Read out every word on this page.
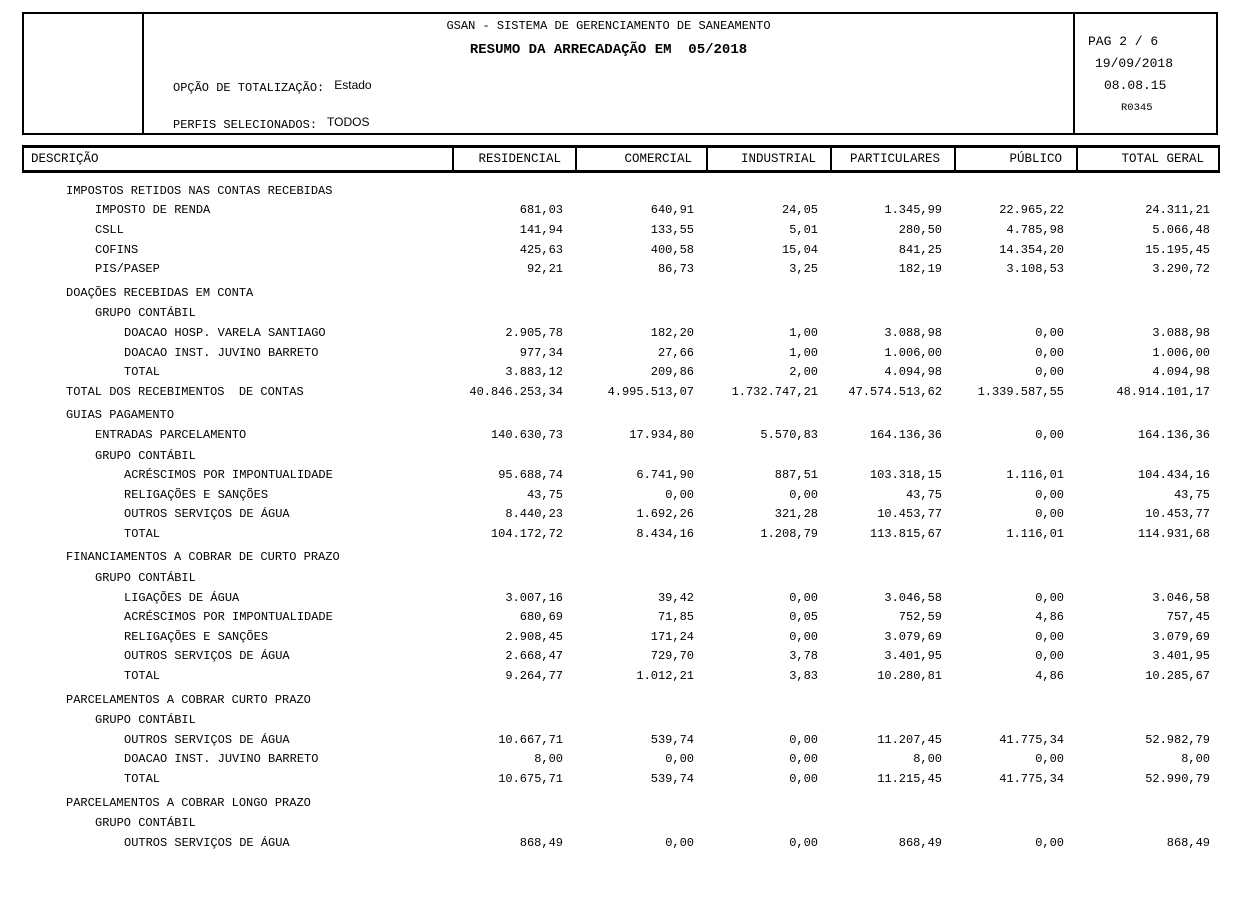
GSAN - SISTEMA DE GERENCIAMENTO DE SANEAMENTO
RESUMO DA ARRECADAÇÃO EM  05/2018
OPÇÃO DE TOTALIZAÇÃO: Estado
PERFIS SELECIONADOS: TODOS
PAG 2 / 6
19/09/2018
08.08.15
R0345
DESCRIÇÃO	RESIDENCIAL	COMERCIAL	INDUSTRIAL	PARTICULARES	PÚBLICO	TOTAL GERAL
IMPOSTOS RETIDOS NAS CONTAS RECEBIDAS
IMPOSTO DE RENDA	681,03	640,91	24,05	1.345,99	22.965,22	24.311,21
CSLL	141,94	133,55	5,01	280,50	4.785,98	5.066,48
COFINS	425,63	400,58	15,04	841,25	14.354,20	15.195,45
PIS/PASEP	92,21	86,73	3,25	182,19	3.108,53	3.290,72
DOAÇÕES RECEBIDAS EM CONTA
GRUPO CONTÁBIL
DOACAO HOSP. VARELA SANTIAGO	2.905,78	182,20	1,00	3.088,98	0,00	3.088,98
DOACAO INST. JUVINO BARRETO	977,34	27,66	1,00	1.006,00	0,00	1.006,00
TOTAL	3.883,12	209,86	2,00	4.094,98	0,00	4.094,98
TOTAL DOS RECEBIMENTOS  DE CONTAS	40.846.253,34	4.995.513,07	1.732.747,21	47.574.513,62	1.339.587,55	48.914.101,17
GUIAS PAGAMENTO
ENTRADAS PARCELAMENTO	140.630,73	17.934,80	5.570,83	164.136,36	0,00	164.136,36
GRUPO CONTÁBIL
ACRÉSCIMOS POR IMPONTUALIDADE	95.688,74	6.741,90	887,51	103.318,15	1.116,01	104.434,16
RELIGAÇÕES E SANÇÕES	43,75	0,00	0,00	43,75	0,00	43,75
OUTROS SERVIÇOS DE ÁGUA	8.440,23	1.692,26	321,28	10.453,77	0,00	10.453,77
TOTAL	104.172,72	8.434,16	1.208,79	113.815,67	1.116,01	114.931,68
FINANCIAMENTOS A COBRAR DE CURTO PRAZO
GRUPO CONTÁBIL
LIGAÇÕES DE ÁGUA	3.007,16	39,42	0,00	3.046,58	0,00	3.046,58
ACRÉSCIMOS POR IMPONTUALIDADE	680,69	71,85	0,05	752,59	4,86	757,45
RELIGAÇÕES E SANÇÕES	2.908,45	171,24	0,00	3.079,69	0,00	3.079,69
OUTROS SERVIÇOS DE ÁGUA	2.668,47	729,70	3,78	3.401,95	0,00	3.401,95
TOTAL	9.264,77	1.012,21	3,83	10.280,81	4,86	10.285,67
PARCELAMENTOS A COBRAR CURTO PRAZO
GRUPO CONTÁBIL
OUTROS SERVIÇOS DE ÁGUA	10.667,71	539,74	0,00	11.207,45	41.775,34	52.982,79
DOACAO INST. JUVINO BARRETO	8,00	0,00	0,00	8,00	0,00	8,00
TOTAL	10.675,71	539,74	0,00	11.215,45	41.775,34	52.990,79
PARCELAMENTOS A COBRAR LONGO PRAZO
GRUPO CONTÁBIL
OUTROS SERVIÇOS DE ÁGUA	868,49	0,00	0,00	868,49	0,00	868,49
